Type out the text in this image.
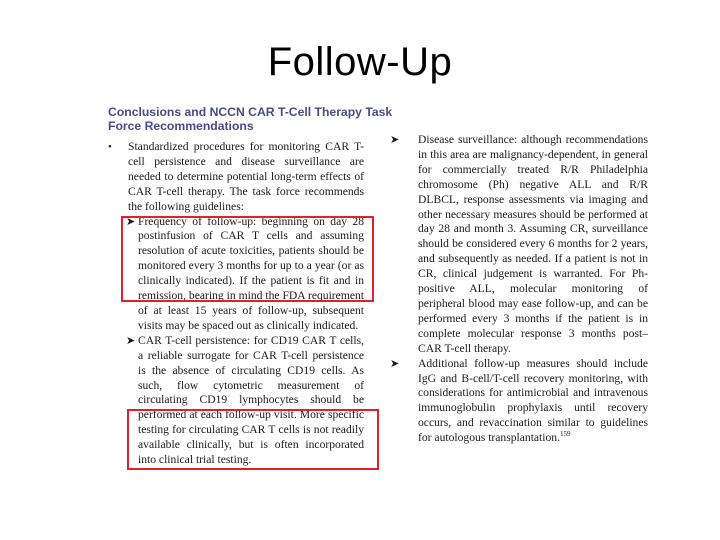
Follow-Up
Conclusions and NCCN CAR T-Cell Therapy Task Force Recommendations
• Standardized procedures for monitoring CAR T-cell persistence and disease surveillance are needed to determine potential long-term effects of CAR T-cell therapy. The task force recommends the following guidelines:
➤ Frequency of follow-up: beginning on day 28 postinfusion of CAR T cells and assuming resolution of acute toxicities, patients should be monitored every 3 months for up to a year (or as clinically indicated). If the patient is fit and in remission, bearing in mind the FDA requirement of at least 15 years of follow-up, subsequent visits may be spaced out as clinically indicated.
➤ CAR T-cell persistence: for CD19 CAR T cells, a reliable surrogate for CAR T-cell persistence is the absence of circulating CD19 cells. As such, flow cytometric measurement of circulating CD19 lymphocytes should be performed at each follow-up visit. More specific testing for circulating CAR T cells is not readily available clinically, but is often incorporated into clinical trial testing.
➤ Disease surveillance: although recommendations in this area are malignancy-dependent, in general for commercially treated R/R Philadelphia chromosome (Ph) negative ALL and R/R DLBCL, response assessments via imaging and other necessary measures should be performed at day 28 and month 3. Assuming CR, surveillance should be considered every 6 months for 2 years, and subsequently as needed. If a patient is not in CR, clinical judgement is warranted. For Ph-positive ALL, molecular monitoring of peripheral blood may ease follow-up, and can be performed every 3 months if the patient is in complete molecular response 3 months post–CAR T-cell therapy.
➤ Additional follow-up measures should include IgG and B-cell/T-cell recovery monitoring, with considerations for antimicrobial and intravenous immunoglobulin prophylaxis until recovery occurs, and revaccination similar to guidelines for autologous transplantation.$^{159}$
